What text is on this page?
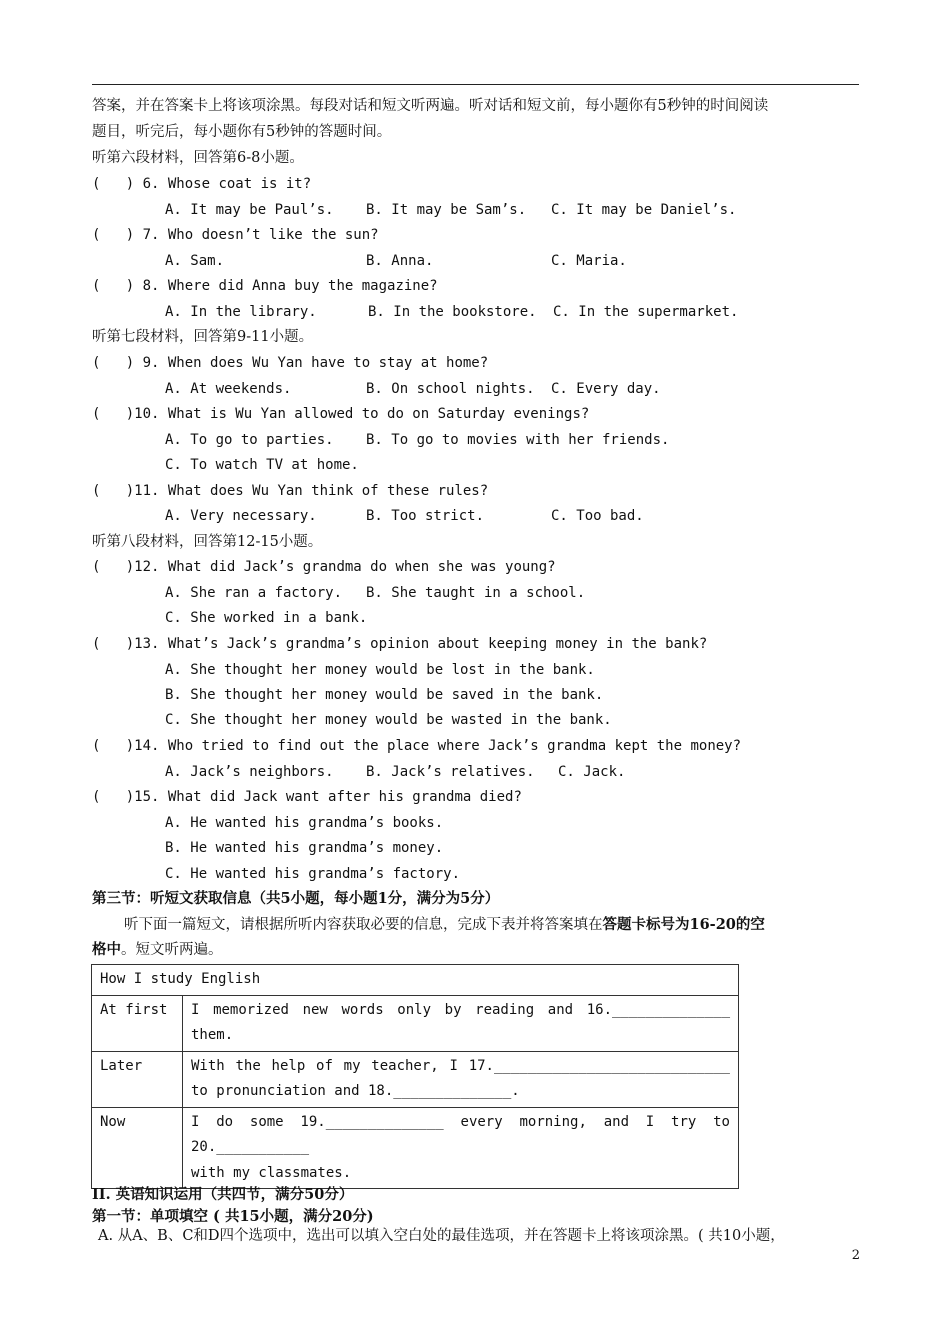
答案，并在答案卡上将该项涂黑。每段对话和短文听两遍。听对话和短文前，每小题你有5秒钟的时间阅读
题目，听完后，每小题你有5秒钟的答题时间。
听第六段材料，回答第6-8小题。
(   ) 6. Whose coat is it?
A. It may be Paul’s. B. It may be Sam’s. C. It may be Daniel’s.
(   ) 7. Who doesn’t like the sun?
A. Sam.	B. Anna.	C. Maria.
(   ) 8. Where did Anna buy the magazine?
A. In the library.	B. In the bookstore. C. In the supermarket.
听第七段材料，回答第9-11小题。
(   ) 9. When does Wu Yan have to stay at home?
A. At weekends.	B. On school nights. C. Every day.
(   )10. What is Wu Yan allowed to do on Saturday evenings?
A. To go to parties. B. To go to movies with her friends.
C. To watch TV at home.
(   )11. What does Wu Yan think of these rules?
A. Very necessary.	B. Too strict.	C. Too bad.
听第八段材料，回答第12-15小题。
(   )12. What did Jack’s grandma do when she was young?
A. She ran a factory. B. She taught in a school.
C. She worked in a bank.
(   )13. What’s Jack’s grandma’s opinion about keeping money in the bank?
A. She thought her money would be lost in the bank.
B. She thought her money would be saved in the bank.
C. She thought her money would be wasted in the bank.
(   )14. Who tried to find out the place where Jack’s grandma kept the money?
A. Jack’s neighbors. B. Jack’s relatives. C. Jack.
(   )15. What did Jack want after his grandma died?
A. He wanted his grandma’s books.
B. He wanted his grandma’s money.
C. He wanted his grandma’s factory.
第三节：听短文获取信息（共5小题，每小题1分，满分为5分）
听下面一篇短文，请根据所听内容获取必要的信息，完成下表并将答案填在答题卡标号为16-20的空
格中。短文听两遍。
How I study English	
At first	I memorized new words only by reading and 16.______________ them.
Later	With the help of my teacher, I 17.____________________________ to pronunciation and 18.______________.
Now	I do some 19.______________ every morning, and I try to 20.___________
with my classmates.
II. 英语知识运用（共四节，满分50分）
第一节：单项填空 ( 共15小题，满分20分)
A. 从A、B、C和D四个选项中，选出可以填入空白处的最佳选项，并在答题卡上将该项涂黑。( 共10小题，
2
